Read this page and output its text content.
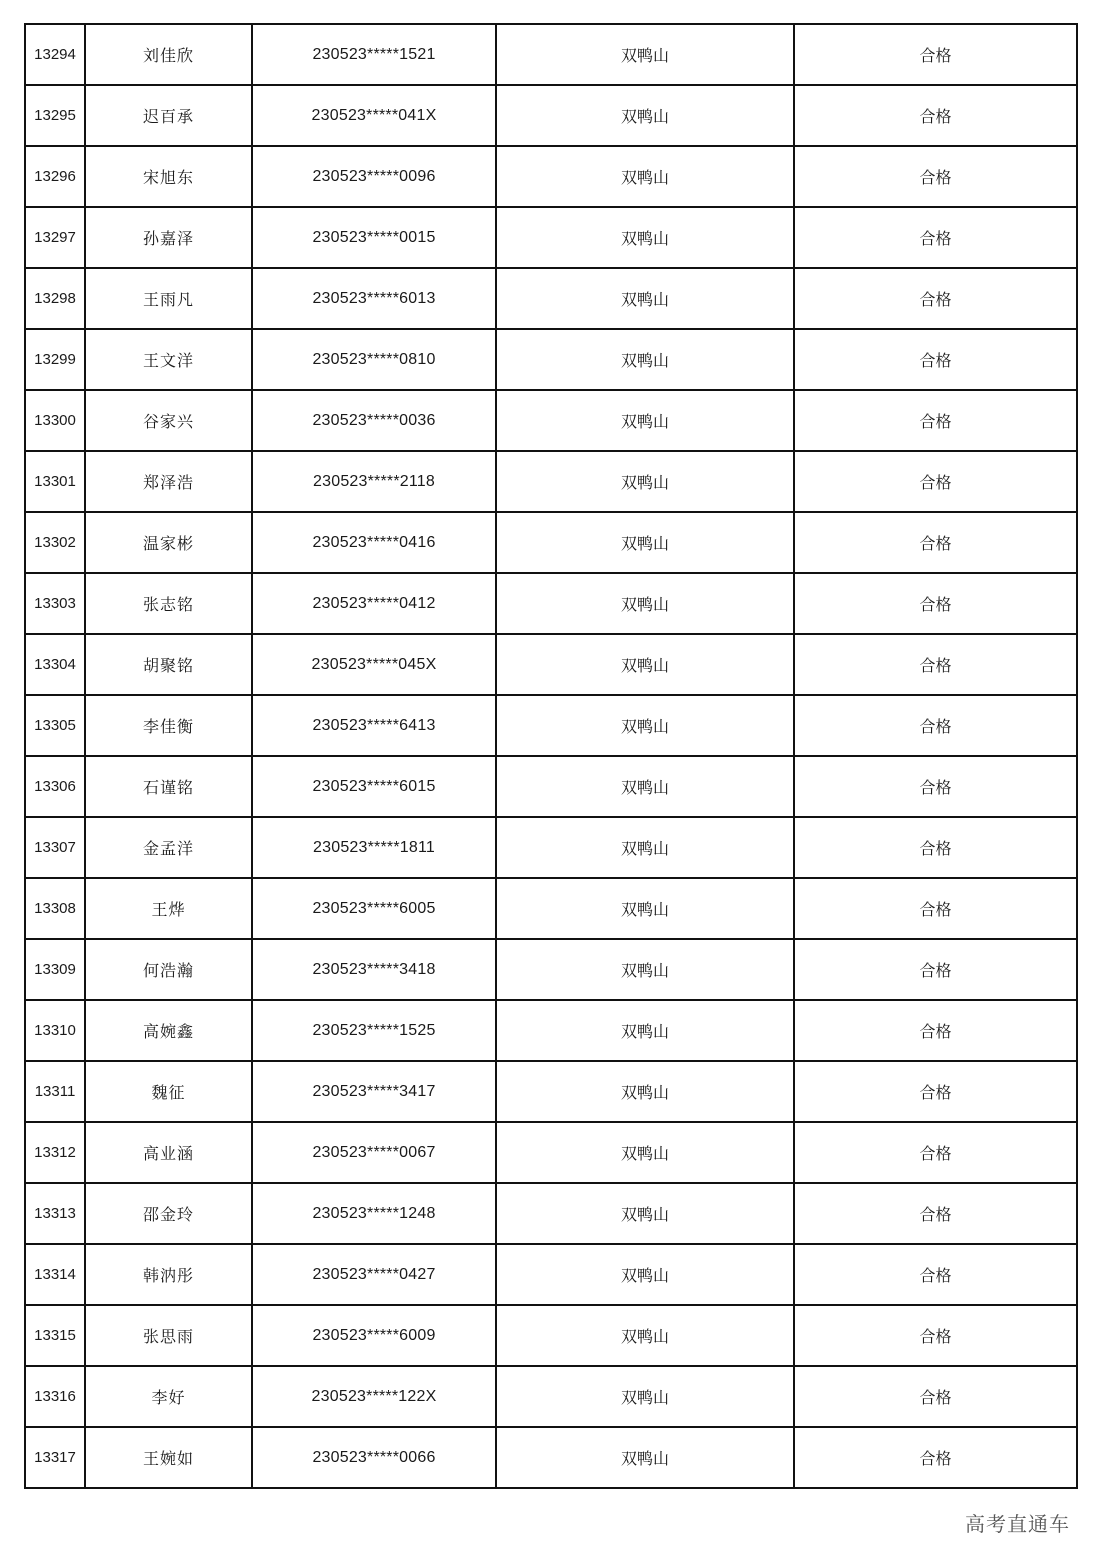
13294	刘佳欣	230523*****1521	双鸭山	合格
13295	迟百承	230523*****041X	双鸭山	合格
13296	宋旭东	230523*****0096	双鸭山	合格
13297	孙嘉泽	230523*****0015	双鸭山	合格
13298	王雨凡	230523*****6013	双鸭山	合格
13299	王文洋	230523*****0810	双鸭山	合格
13300	谷家兴	230523*****0036	双鸭山	合格
13301	郑泽浩	230523*****2118	双鸭山	合格
13302	温家彬	230523*****0416	双鸭山	合格
13303	张志铭	230523*****0412	双鸭山	合格
13304	胡聚铭	230523*****045X	双鸭山	合格
13305	李佳衡	230523*****6413	双鸭山	合格
13306	石谨铭	230523*****6015	双鸭山	合格
13307	金孟洋	230523*****1811	双鸭山	合格
13308	王烨	230523*****6005	双鸭山	合格
13309	何浩瀚	230523*****3418	双鸭山	合格
13310	高婉鑫	230523*****1525	双鸭山	合格
13311	魏征	230523*****3417	双鸭山	合格
13312	高业涵	230523*****0067	双鸭山	合格
13313	邵金玲	230523*****1248	双鸭山	合格
13314	韩汭彤	230523*****0427	双鸭山	合格
13315	张思雨	230523*****6009	双鸭山	合格
13316	李好	230523*****122X	双鸭山	合格
13317	王婉如	230523*****0066	双鸭山	合格
高考直通车
